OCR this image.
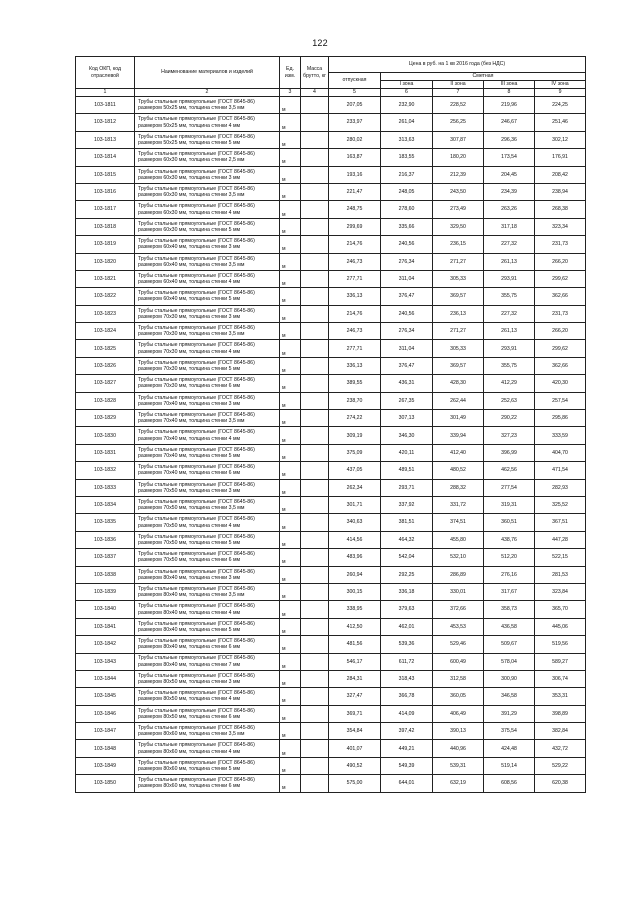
122
Код ОКП, код отраслевой	Наименование материалов и изделий	Ед. изм.	Масса брутто, кг	Цена в руб. на 1 кв 2016 года (без НДС)				
				отпускная	Сметная			
					I зона	II зона	III зона	IV зона
1	2	3	4	5	6	7	8	9
103-1811	Трубы стальные прямоугольные (ГОСТ 8645-86) размером 50х25 мм, толщина стенки 3,5 мм	м		207,05	232,90	228,52	219,96	224,25
103-1812	Трубы стальные прямоугольные (ГОСТ 8645-86) размером 50х25 мм, толщина стенки 4 мм	м		233,97	261,04	256,25	246,67	251,46
103-1813	Трубы стальные прямоугольные (ГОСТ 8645-86) размером 50х25 мм, толщина стенки 5 мм	м		280,02	313,63	307,87	296,36	302,12
103-1814	Трубы стальные прямоугольные (ГОСТ 8645-86) размером 60х30 мм, толщина стенки 2,5 мм	м		163,87	183,55	180,20	173,54	176,91
103-1815	Трубы стальные прямоугольные (ГОСТ 8645-86) размером 60х30 мм, толщина стенки 3 мм	м		193,16	216,37	212,39	204,45	208,42
103-1816	Трубы стальные прямоугольные (ГОСТ 8645-86) размером 60х30 мм, толщина стенки 3,5 мм	м		221,47	248,05	243,50	234,39	238,94
103-1817	Трубы стальные прямоугольные (ГОСТ 8645-86) размером 60х30 мм, толщина стенки 4 мм	м		248,75	278,60	273,49	263,26	268,38
103-1818	Трубы стальные прямоугольные (ГОСТ 8645-86) размером 60х30 мм, толщина стенки 5 мм	м		299,69	335,66	329,50	317,18	323,34
103-1819	Трубы стальные прямоугольные (ГОСТ 8645-86) размером 60х40 мм, толщина стенки 3 мм	м		214,76	240,56	236,15	227,32	231,73
103-1820	Трубы стальные прямоугольные (ГОСТ 8645-86) размером 60х40 мм, толщина стенки 3,5 мм	м		246,73	276,34	271,27	261,13	266,20
103-1821	Трубы стальные прямоугольные (ГОСТ 8645-86) размером 60х40 мм, толщина стенки 4 мм	м		277,71	311,04	305,33	293,91	299,62
103-1822	Трубы стальные прямоугольные (ГОСТ 8645-86) размером 60х40 мм, толщина стенки 5 мм	м		336,13	376,47	369,57	355,75	362,66
103-1823	Трубы стальные прямоугольные (ГОСТ 8645-86) размером 70х30 мм, толщина стенки 3 мм	м		214,76	240,56	236,13	227,32	231,73
103-1824	Трубы стальные прямоугольные (ГОСТ 8645-86) размером 70х30 мм, толщина стенки 3,5 мм	м		246,73	276,34	271,27	261,13	266,20
103-1825	Трубы стальные прямоугольные (ГОСТ 8645-86) размером 70х30 мм, толщина стенки 4 мм	м		277,71	311,04	305,33	293,91	299,62
103-1826	Трубы стальные прямоугольные (ГОСТ 8645-86) размером 70х30 мм, толщина стенки 5 мм	м		336,13	376,47	369,57	355,75	362,66
103-1827	Трубы стальные прямоугольные (ГОСТ 8645-86) размером 70х30 мм, толщина стенки 6 мм	м		389,55	436,31	428,30	412,29	420,30
103-1828	Трубы стальные прямоугольные (ГОСТ 8645-86) размером 70х40 мм, толщина стенки 3 мм	м		238,70	267,35	262,44	252,63	257,54
103-1829	Трубы стальные прямоугольные (ГОСТ 8645-86) размером 70х40 мм, толщина стенки 3,5 мм	м		274,22	307,13	301,49	290,22	295,86
103-1830	Трубы стальные прямоугольные (ГОСТ 8645-86) размером 70х40 мм, толщина стенки 4 мм	м		309,19	346,30	339,94	327,23	333,59
103-1831	Трубы стальные прямоугольные (ГОСТ 8645-86) размером 70х40 мм, толщина стенки 5 мм	м		375,09	420,11	412,40	396,99	404,70
103-1832	Трубы стальные прямоугольные (ГОСТ 8645-86) размером 70х40 мм, толщина стенки 6 мм	м		437,05	489,51	480,52	462,56	471,54
103-1833	Трубы стальные прямоугольные (ГОСТ 8645-86) размером 70х50 мм, толщина стенки 3 мм	м		262,34	293,71	288,32	277,54	282,93
103-1834	Трубы стальные прямоугольные (ГОСТ 8645-86) размером 70х50 мм, толщина стенки 3,5 мм	м		301,71	337,92	331,72	319,31	325,52
103-1835	Трубы стальные прямоугольные (ГОСТ 8645-86) размером 70х50 мм, толщина стенки 4 мм	м		340,63	381,51	374,51	360,51	367,51
103-1836	Трубы стальные прямоугольные (ГОСТ 8645-86) размером 70х50 мм, толщина стенки 5 мм	м		414,56	464,32	455,80	438,76	447,28
103-1837	Трубы стальные прямоугольные (ГОСТ 8645-86) размером 70х50 мм, толщина стенки 6 мм	м		483,96	542,04	532,10	512,20	522,15
103-1838	Трубы стальные прямоугольные (ГОСТ 8645-86) размером 80х40 мм, толщина стенки 3 мм	м		260,94	292,25	286,89	276,16	281,53
103-1839	Трубы стальные прямоугольные (ГОСТ 8645-86) размером 80х40 мм, толщина стенки 3,5 мм	м		300,15	336,18	330,01	317,67	323,84
103-1840	Трубы стальные прямоугольные (ГОСТ 8645-86) размером 80х40 мм, толщина стенки 4 мм	м		338,95	379,63	372,66	358,73	365,70
103-1841	Трубы стальные прямоугольные (ГОСТ 8645-86) размером 80х40 мм, толщина стенки 5 мм	м		412,50	462,01	453,53	436,58	445,06
103-1842	Трубы стальные прямоугольные (ГОСТ 8645-86) размером 80х40 мм, толщина стенки 6 мм	м		481,56	539,36	529,46	509,67	519,56
103-1843	Трубы стальные прямоугольные (ГОСТ 8645-86) размером 80х40 мм, толщина стенки 7 мм	м		546,17	611,72	600,49	578,04	589,27
103-1844	Трубы стальные прямоугольные (ГОСТ 8645-86) размером 80х50 мм, толщина стенки 3 мм	м		284,31	318,43	312,58	300,90	306,74
103-1845	Трубы стальные прямоугольные (ГОСТ 8645-86) размером 80х50 мм, толщина стенки 4 мм	м		327,47	366,78	360,05	346,58	353,31
103-1846	Трубы стальные прямоугольные (ГОСТ 8645-86) размером 80х50 мм, толщина стенки 6 мм	м		369,71	414,09	406,49	391,29	398,89
103-1847	Трубы стальные прямоугольные (ГОСТ 8645-86) размером 80х60 мм, толщина стенки 3,5 мм	м		354,84	397,42	390,13	375,54	382,84
103-1848	Трубы стальные прямоугольные (ГОСТ 8645-86) размером 80х60 мм, толщина стенки 4 мм	м		401,07	449,21	440,96	424,48	432,72
103-1849	Трубы стальные прямоугольные (ГОСТ 8645-86) размером 80х60 мм, толщина стенки 5 мм	м		490,52	549,39	539,31	519,14	529,22
103-1850	Трубы стальные прямоугольные (ГОСТ 8645-86) размером 80х60 мм, толщина стенки 6 мм	м		575,00	644,01	632,19	608,56	620,38
